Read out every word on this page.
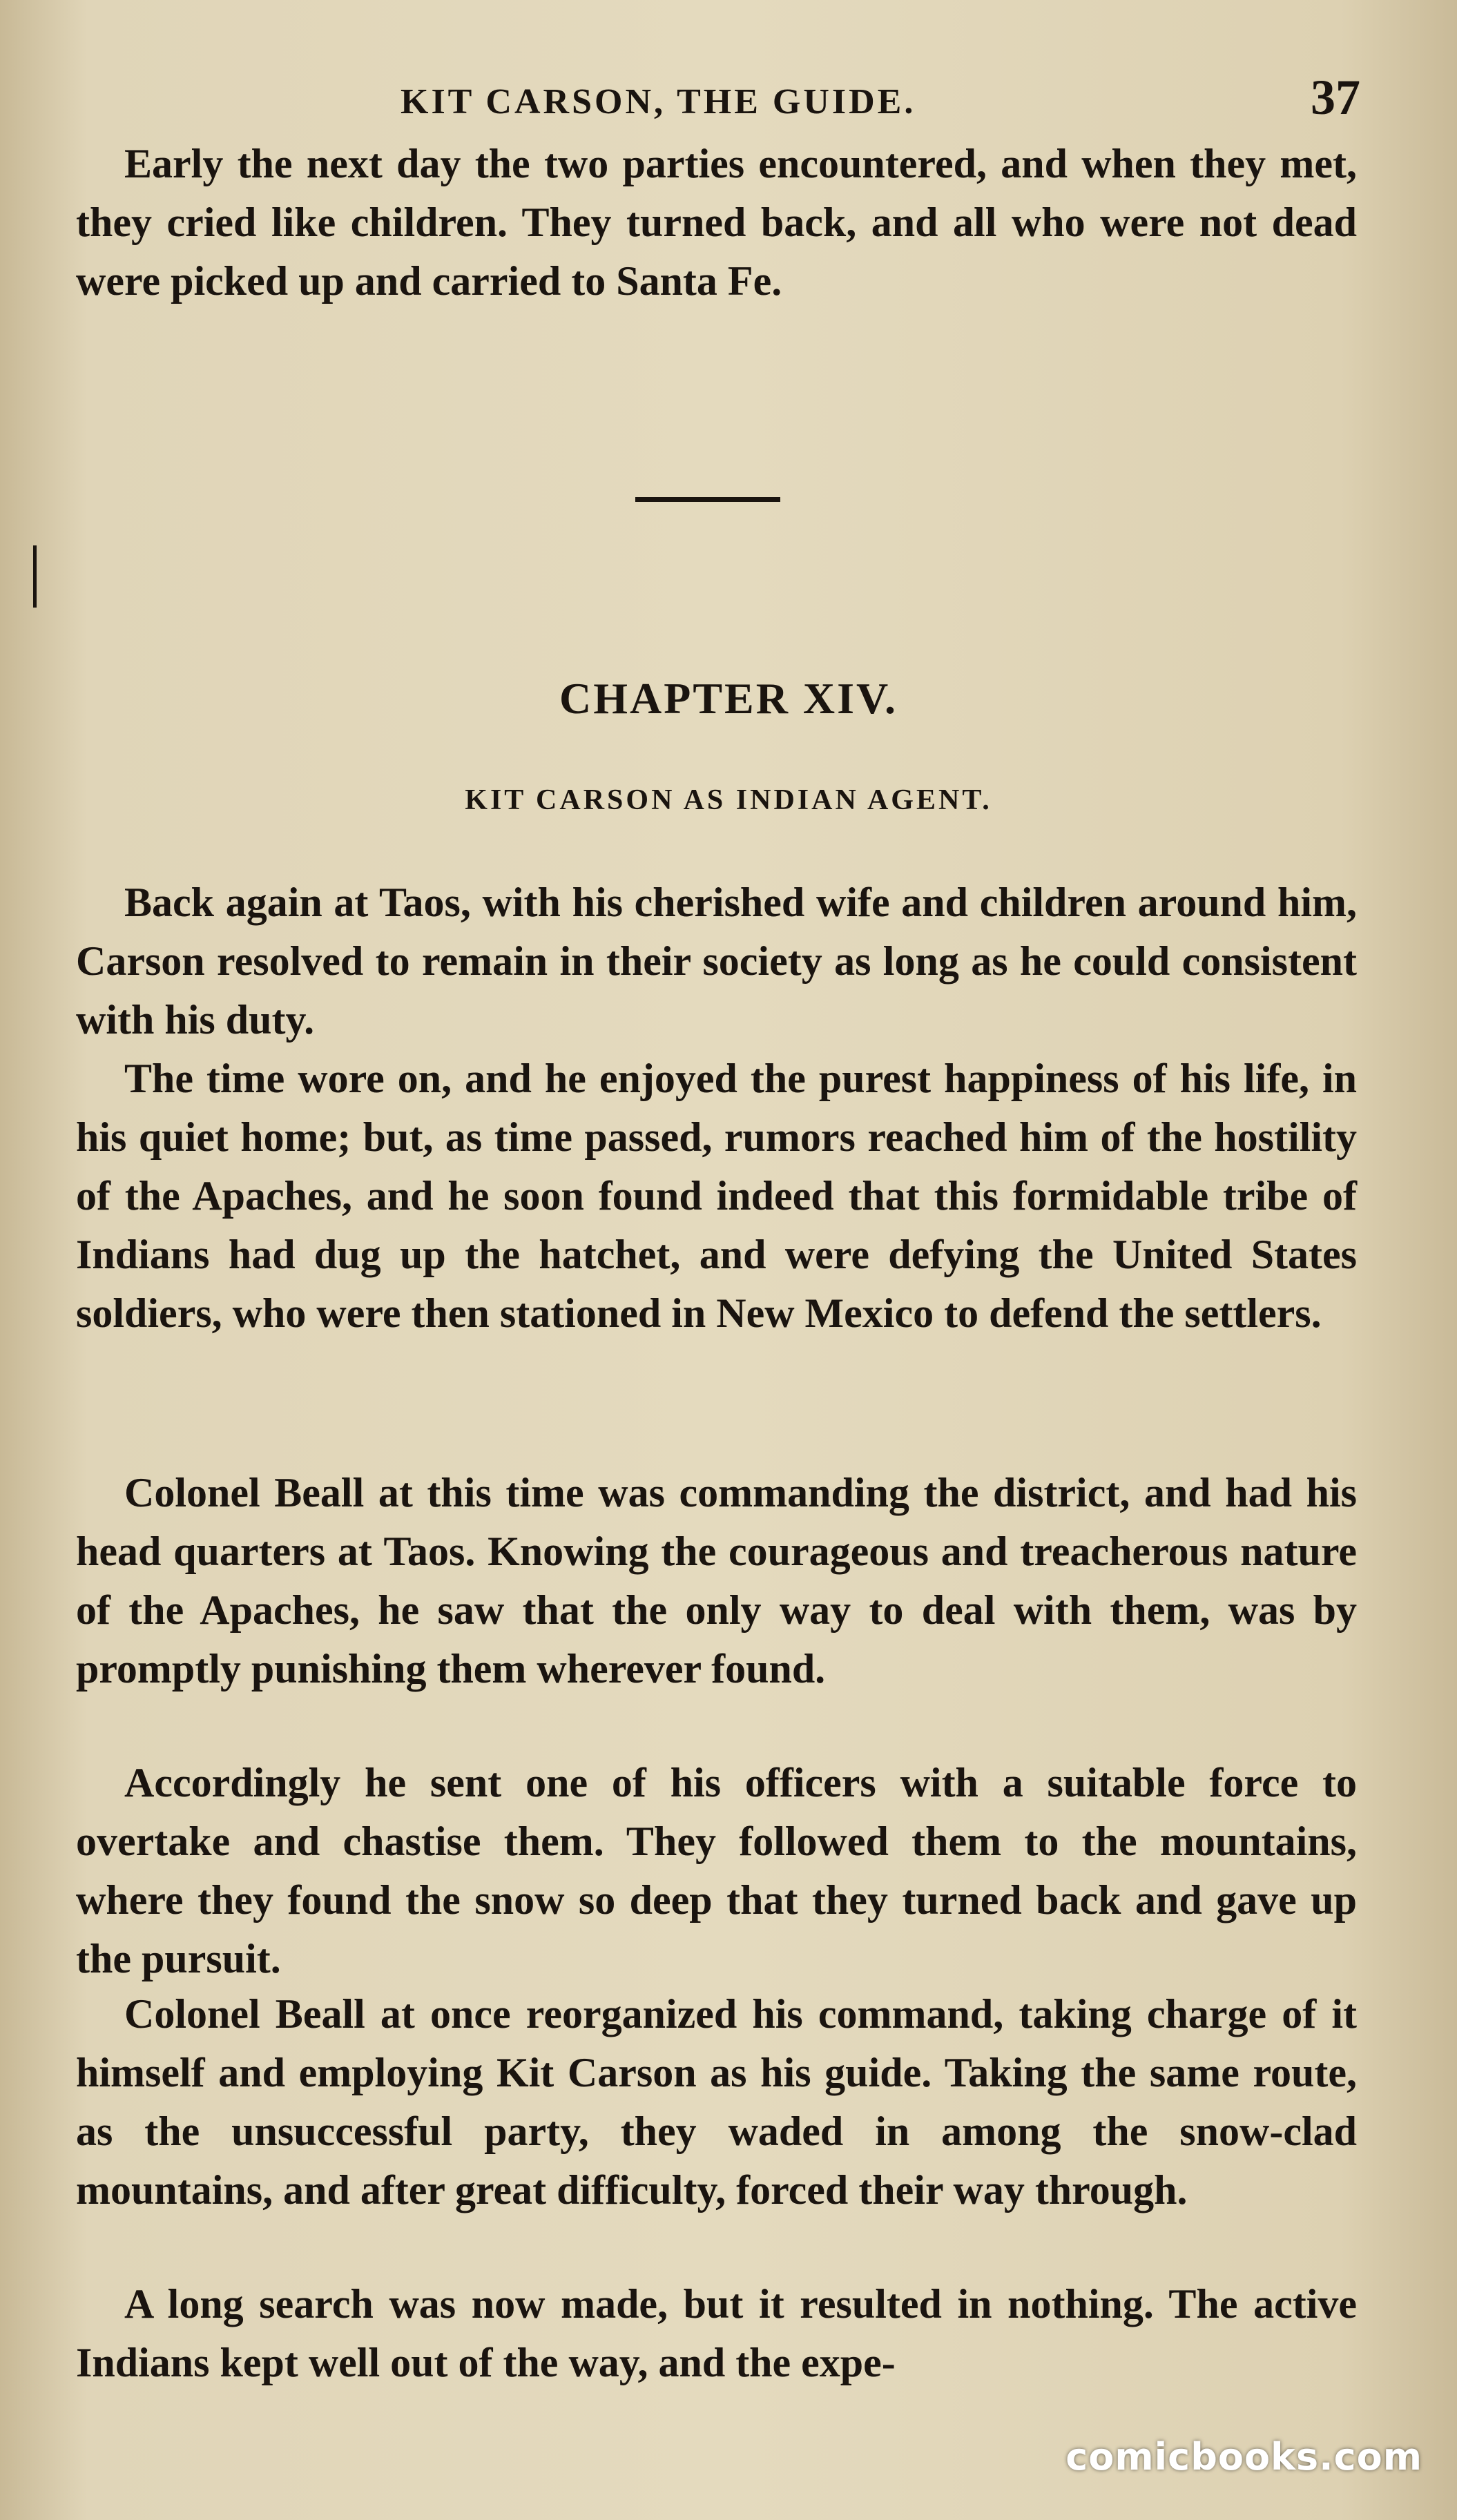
KIT CARSON, THE GUIDE.	37

Early the next day the two parties encountered, and when they met, they cried like children. They turned back, and all who were not dead were picked up and carried to Santa Fe.

CHAPTER XIV.
KIT CARSON AS INDIAN AGENT.

Back again at Taos, with his cherished wife and children around him, Carson resolved to remain in their society as long as he could consistent with his duty.

The time wore on, and he enjoyed the purest happiness of his life, in his quiet home; but, as time passed, rumors reached him of the hostility of the Apaches, and he soon found indeed that this formidable tribe of Indians had dug up the hatchet, and were defying the United States soldiers, who were then stationed in New Mexico to defend the settlers.

Colonel Beall at this time was commanding the district, and had his head quarters at Taos. Knowing the courageous and treacherous nature of the Apaches, he saw that the only way to deal with them, was by promptly punishing them wherever found.

Accordingly he sent one of his officers with a suitable force to overtake and chastise them. They followed them to the mountains, where they found the snow so deep that they turned back and gave up the pursuit.

Colonel Beall at once reorganized his command, taking charge of it himself and employing Kit Carson as his guide. Taking the same route, as the unsuccessful party, they waded in among the snow-clad mountains, and after great difficulty, forced their way through.

A long search was now made, but it resulted in nothing. The active Indians kept well out of the way, and the expe-

comicbooks.com
